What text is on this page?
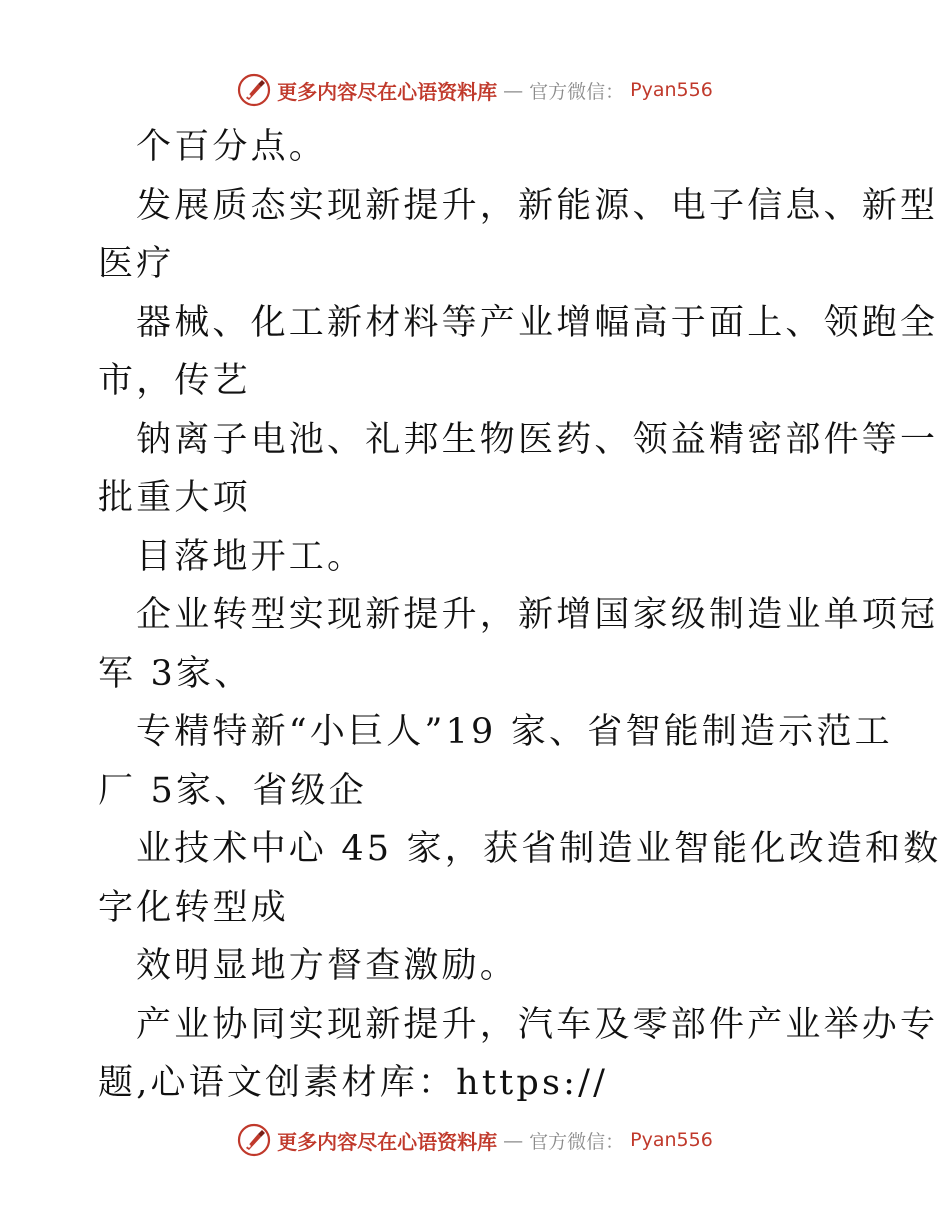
更多内容尽在心语资料库 — 官方微信： Pyan556
个百分点。
发展质态实现新提升，新能源、电子信息、新型
医疗
器械、化工新材料等产业增幅高于面上、领跑全
市，传艺
钠离子电池、礼邦生物医药、领益精密部件等一
批重大项
目落地开工。
企业转型实现新提升，新增国家级制造业单项冠
军 3家、
专精特新“小巨人”19 家、省智能制造示范工
厂 5家、省级企
业技术中心 45 家，获省制造业智能化改造和数
字化转型成
效明显地方督查激励。
产业协同实现新提升，汽车及零部件产业举办专
题,心语文创素材库：https://
更多内容尽在心语资料库 — 官方微信： Pyan556
